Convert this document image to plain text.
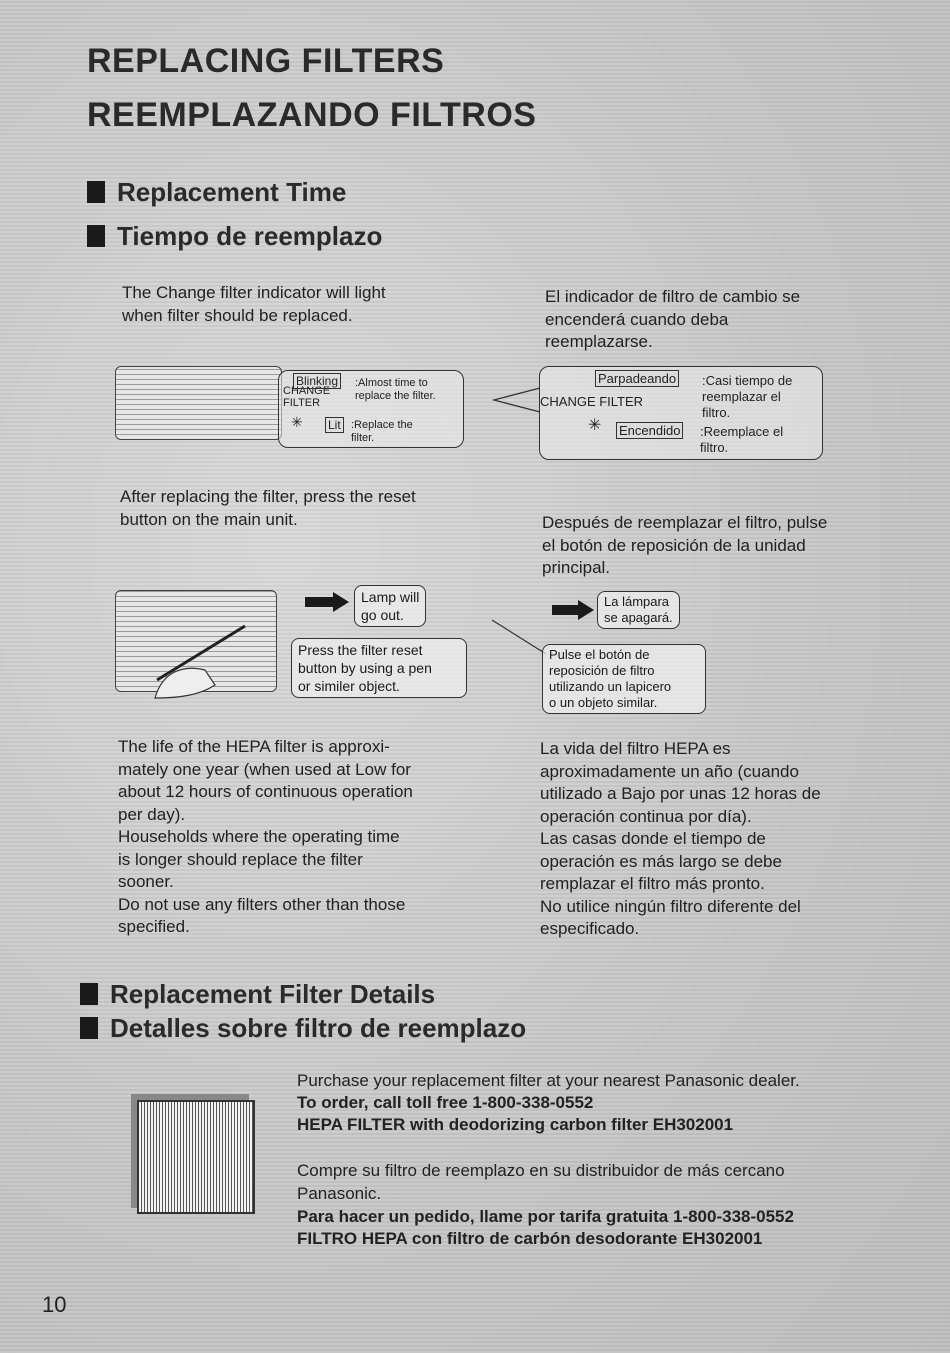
REPLACING FILTERS
REEMPLAZANDO FILTROS
Replacement Time
Tiempo de reemplazo
The Change filter indicator will light
when filter should be replaced.
El indicador de filtro de cambio se
encenderá cuando deba
reemplazarse.
CHANGE
FILTER
Blinking :Almost time to
replace the filter.
✳ Lit :Replace the
filter.
CHANGE FILTER
Parpadeando :Casi tiempo de
reemplazar el
filtro.
✳ Encendido :Reemplace el
filtro.
After replacing the filter, press the reset
button on the main unit.	Después de reemplazar el filtro, pulse
el botón de reposición de la unidad
principal.
Lamp will
go out.
Press the filter reset
button by using a pen
or similer object.
La lámpara
se apagará.
Pulse el botón de
reposición de filtro
utilizando un lapicero
o un objeto similar.
The life of the HEPA filter is approxi-
mately one year (when used at Low for
about 12 hours of continuous operation
per day).
Households where the operating time
is longer should replace the filter
sooner.
Do not use any filters other than those
specified.
La vida del filtro HEPA es
aproximadamente un año (cuando
utilizado a Bajo por unas 12 horas de
operación continua por día).
Las casas donde el tiempo de
operación es más largo se debe
remplazar el filtro más pronto.
No utilice ningún filtro diferente del
especificado.
Replacement Filter Details
Detalles sobre filtro de reemplazo
Purchase your replacement filter at your nearest Panasonic dealer.
To order, call toll free 1-800-338-0552
HEPA FILTER with deodorizing carbon filter EH302001
Compre su filtro de reemplazo en su distribuidor de más cercano
Panasonic.
Para hacer un pedido, llame por tarifa gratuita 1-800-338-0552
FILTRO HEPA con filtro de carbón desodorante EH302001
10
